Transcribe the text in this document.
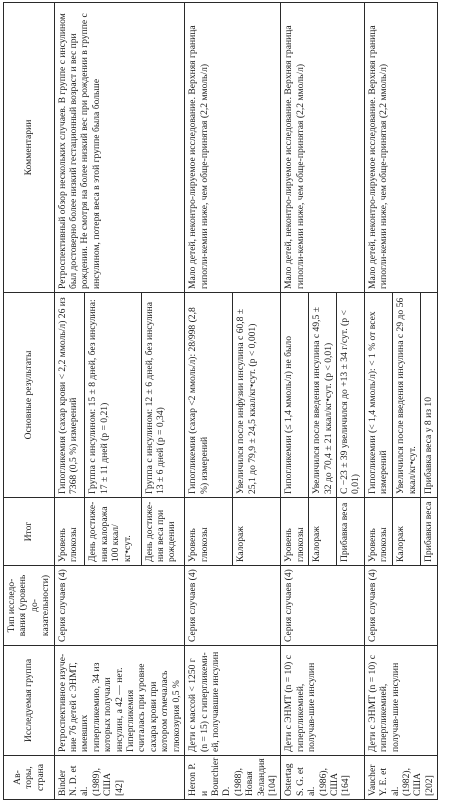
Ав-торы, страна	Исследуемая группа	Тип исследо-вания (уровень до-казательности)	Итог	Основные результаты	Комментарии
Binder N. D. et al. (1989), США [42]	Ретроспективное изуче-ние 76 детей с ЭНМТ, имевших гипергликемию, 34 из которых получали инсулин, а 42 — нет. Гипергликемия считалась при уровне сахара крови при котором отмечалась глюкозурия 0,5 %	Серия случаев (4)	Уровень глюкозы	Гипогликемия (сахар крови < 2,2 ммоль/л) 26 из 7368 (0,5 %) измерений	Ретроспективный обзор нескольких случаев. В группе с инсулином был достоверно более низкий гестационный возраст и вес при рождении. Не смотря на более низкий вес при рождении в группе с инсулином, потеря веса в этой группе была больше
			День достиже-ния калоража 100 ккал/кг•сут.	Группа с инсулином: 15 ± 8 дней, без инсулина: 17 ± 11 дней (р = 0,21)	
			День достиже-ния веса при рождении	Группа с инсулином: 12 ± 6 дней, без инсулина 13 ± 6 дней (р = 0,34)	
Heron P. и Bourchier D. (1988), Новая Зеландия [104]	Дети с массой < 1250 г (n = 15) с гипергликеми-ей, получавшие инсулин	Серия случаев (4)	Уровень глюкозы	Гипогликемия (сахар <2 ммоль/л): 28/998 (2,8 %) измерений	Мало детей, неконтро-лируемое исследование. Верхняя граница гипогли-кемии ниже, чем обще-принятая (2,2 ммоль/л)
			Калораж	Увеличился после инфузии инсулина с 60,8 ± 25,1 до 79,9 ± 24,5 ккал/кг•сут. (р < 0,001)	
Ostertag S. G. et al. (1986), США [164]	Дети с ЭНМТ (n = 10) с гипергликемией, получав-шие инсулин	Серия случаев (4)	Уровень глюкозы	Гипогликемии (≤ 1,4 ммоль/л) не было	Мало детей, неконтро-лируемое исследование. Верхняя граница гипогли-кемии ниже, чем обще-принятая (2,2 ммоль/л)
			Калораж	Увеличился после введения инсулина с 49,5 ± 32 до 70,4 ± 21 ккал/кг•сут. (р < 0,01)	
			Прибавка веса	С −23 ± 39 увеличился до +13 ± 34 г/сут. (р < 0,01)	
Vaucher Y. E. et al. (1982), США [202]	Дети с ЭНМТ (n = 10) с гипергликемией, получав-шие инсулин	Серия случаев (4)	Уровень глюкозы	Гипогликемии (< 1,4 ммоль/л): < 1 % от всех измерений	Мало детей, неконтро-лируемое исследование. Верхняя граница гипогли-кемии ниже, чем обще-принятая (2,2 ммоль/л)
			Калораж	Увеличился после введения инсулина с 29 до 56 ккал/кг•сут.	
			Прибавки веса	Прибавка веса у 8 из 10	
